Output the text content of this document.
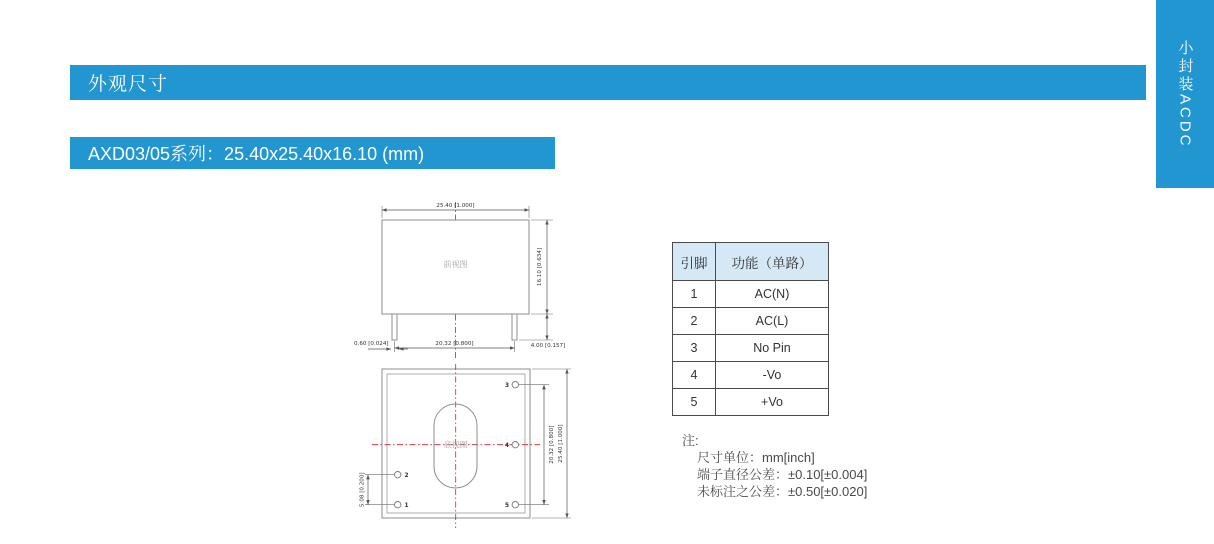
外观尺寸
AXD03/05系列：25.40x25.40x16.10 (mm)
小封装ACDC
前视图
25.40 [1.000]
16.10 [0.634]
4.00 [0.157]
20.32 [0.800]
0.60 [0.024]
底视图
3
4
5
2
1
20.32 [0.800] 25.40 [1.000]
5.08 [0.200]
引脚	功能（单路）
1	AC(N)
2	AC(L)
3	No Pin
4	-Vo
5	+Vo
注:
尺寸单位：mm[inch]
端子直径公差：±0.10[±0.004]
未标注之公差：±0.50[±0.020]
